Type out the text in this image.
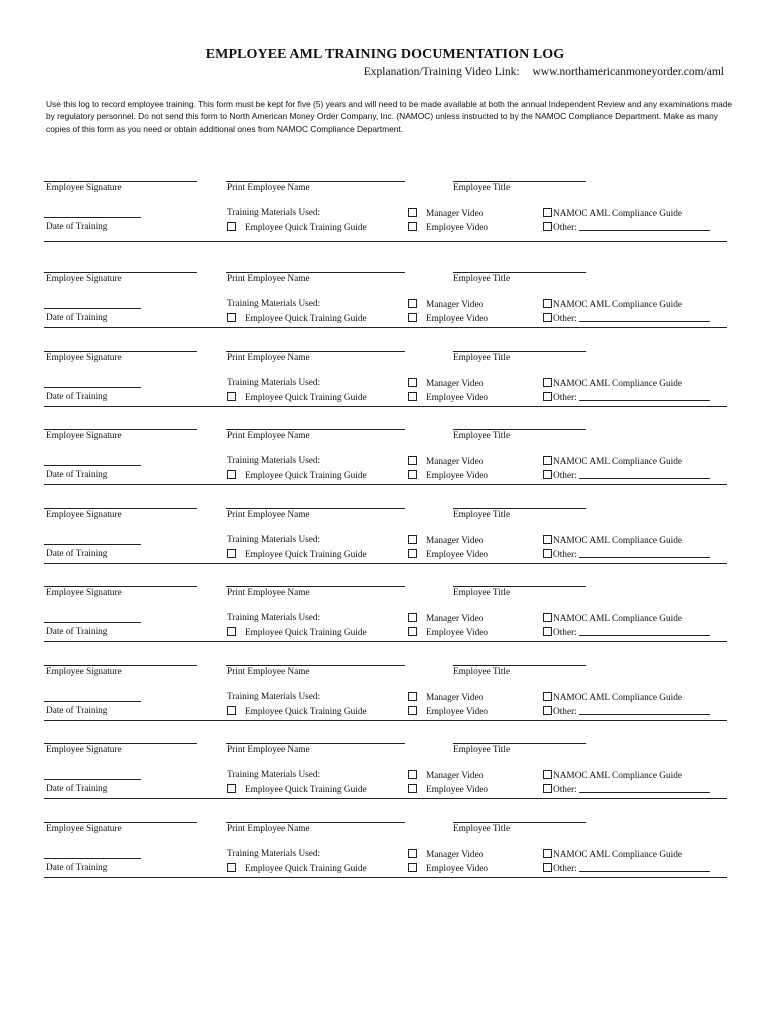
EMPLOYEE AML TRAINING DOCUMENTATION LOG
Explanation/Training Video Link: www.northamericanmoneyorder.com/aml
Use this log to record employee training. This form must be kept for five (5) years and will need to be made available at both the annual Independent Review and any examinations made by regulatory personnel. Do not send this form to North American Money Order Company, Inc. (NAMOC) unless instructed to by the NAMOC Compliance Department. Make as many copies of this form as you need or obtain additional ones from NAMOC Compliance Department.
Employee Signature	Print Employee Name	Employee Title
Date of Training
Training Materials Used:
Employee Quick Training Guide
Manager Video
Employee Video
NAMOC AML Compliance Guide
Other:
Employee Signature	Print Employee Name	Employee Title
Date of Training
Training Materials Used:
Employee Quick Training Guide
Manager Video
Employee Video
NAMOC AML Compliance Guide
Other:
Employee Signature	Print Employee Name	Employee Title
Date of Training
Training Materials Used:
Employee Quick Training Guide
Manager Video
Employee Video
NAMOC AML Compliance Guide
Other:
Employee Signature	Print Employee Name	Employee Title
Date of Training
Training Materials Used:
Employee Quick Training Guide
Manager Video
Employee Video
NAMOC AML Compliance Guide
Other:
Employee Signature	Print Employee Name	Employee Title
Date of Training
Training Materials Used:
Employee Quick Training Guide
Manager Video
Employee Video
NAMOC AML Compliance Guide
Other:
Employee Signature	Print Employee Name	Employee Title
Date of Training
Training Materials Used:
Employee Quick Training Guide
Manager Video
Employee Video
NAMOC AML Compliance Guide
Other:
Employee Signature	Print Employee Name	Employee Title
Date of Training
Training Materials Used:
Employee Quick Training Guide
Manager Video
Employee Video
NAMOC AML Compliance Guide
Other:
Employee Signature	Print Employee Name	Employee Title
Date of Training
Training Materials Used:
Employee Quick Training Guide
Manager Video
Employee Video
NAMOC AML Compliance Guide
Other:
Employee Signature	Print Employee Name	Employee Title
Date of Training
Training Materials Used:
Employee Quick Training Guide
Manager Video
Employee Video
NAMOC AML Compliance Guide
Other:
